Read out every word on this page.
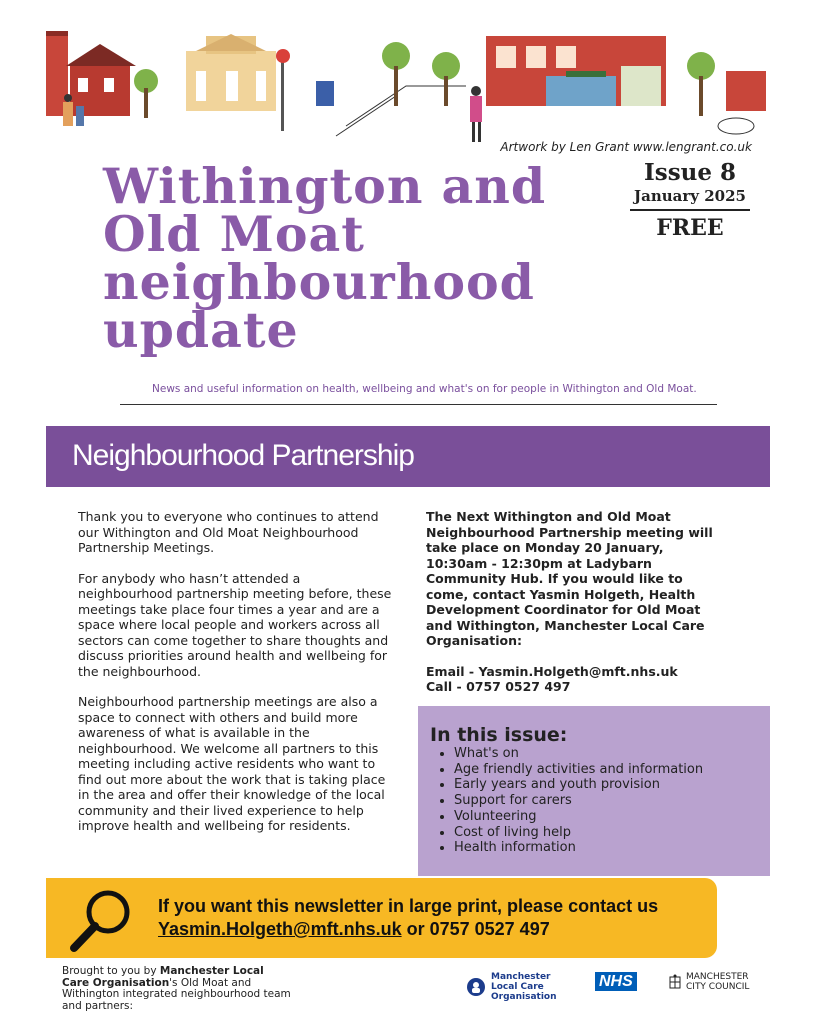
Artwork by Len Grant www.lengrant.co.uk
Withington and Old Moat neighbourhood update
Issue 8
January 2025
FREE
News and useful information on health, wellbeing and what's on for people in Withington and Old Moat.
Neighbourhood Partnership

Thank you to everyone who continues to attend our Withington and Old Moat Neighbourhood Partnership Meetings.

For anybody who hasn’t attended a neighbourhood partnership meeting before, these meetings take place four times a year and are a space where local people and workers across all sectors can come together to share thoughts and discuss priorities around health and wellbeing for the neighbourhood.

Neighbourhood partnership meetings are also a space to connect with others and build more awareness of what is available in the neighbourhood. We welcome all partners to this meeting including active residents who want to find out more about the work that is taking place in the area and offer their knowledge of the local community and their lived experience to help improve health and wellbeing for residents.

The Next Withington and Old Moat Neighbourhood Partnership meeting will take place on Monday 20 January, 10:30am - 12:30pm at Ladybarn Community Hub. If you would like to come, contact Yasmin Holgeth, Health Development Coordinator for Old Moat and Withington, Manchester Local Care Organisation:

Email - Yasmin.Holgeth@mft.nhs.uk
Call - 0757 0527 497
In this issue:
• What's on
• Age friendly activities and information
• Early years and youth provision
• Support for carers
• Volunteering
• Cost of living help
• Health information
If you want this newsletter in large print, please contact us
Yasmin.Holgeth@mft.nhs.uk or 0757 0527 497
Brought to you by Manchester Local Care Organisation's Old Moat and Withington integrated neighbourhood team and partners:
Manchester Local Care Organisation
NHS	MANCHESTER CITY COUNCIL
